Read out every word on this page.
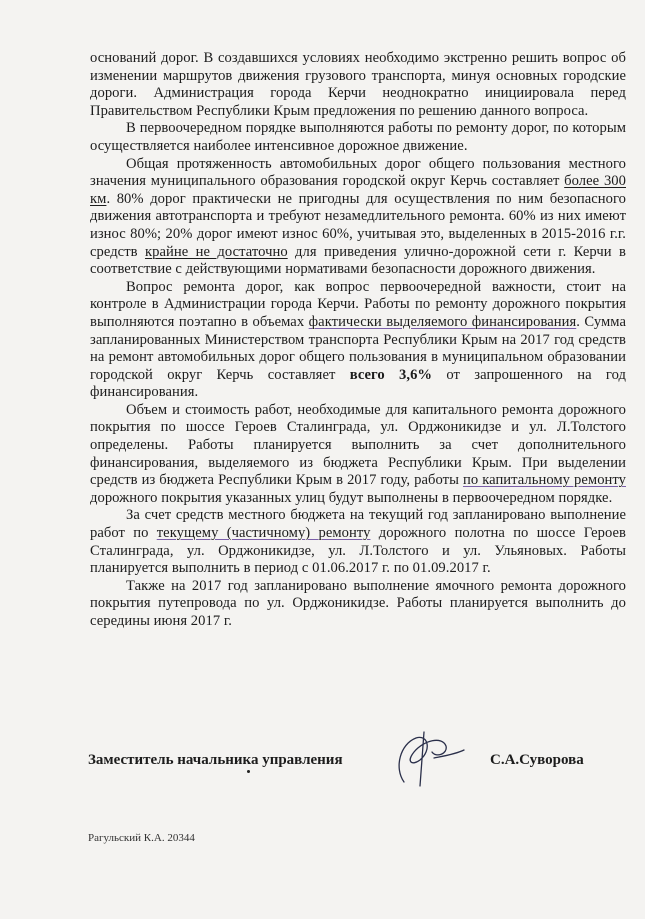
оснований дорог. В создавшихся условиях необходимо экстренно решить вопрос об изменении маршрутов движения грузового транспорта, минуя основных городские дороги. Администрация города Керчи неоднократно инициировала перед Правительством Республики Крым предложения по решению данного вопроса.

В первоочередном порядке выполняются работы по ремонту дорог, по которым осуществляется наиболее интенсивное дорожное движение.

Общая протяженность автомобильных дорог общего пользования местного значения муниципального образования городской округ Керчь составляет более 300 км. 80% дорог практически не пригодны для осуществления по ним безопасного движения автотранспорта и требуют незамедлительного ремонта. 60% из них имеют износ 80%; 20% дорог имеют износ 60%, учитывая это, выделенных в 2015-2016 г.г. средств крайне не достаточно для приведения улично-дорожной сети г. Керчи в соответствие с действующими нормативами безопасности дорожного движения.

Вопрос ремонта дорог, как вопрос первоочередной важности, стоит на контроле в Администрации города Керчи. Работы по ремонту дорожного покрытия выполняются поэтапно в объемах фактически выделяемого финансирования. Сумма запланированных Министерством транспорта Республики Крым на 2017 год средств на ремонт автомобильных дорог общего пользования в муниципальном образовании городской округ Керчь составляет всего 3,6% от запрошенного на год финансирования.

Объем и стоимость работ, необходимые для капитального ремонта дорожного покрытия по шоссе Героев Сталинграда, ул. Орджоникидзе и ул. Л.Толстого определены. Работы планируется выполнить за счет дополнительного финансирования, выделяемого из бюджета Республики Крым. При выделении средств из бюджета Республики Крым в 2017 году, работы по капитальному ремонту дорожного покрытия указанных улиц будут выполнены в первоочередном порядке.

За счет средств местного бюджета на текущий год запланировано выполнение работ по текущему (частичному) ремонту дорожного полотна по шоссе Героев Сталинграда, ул. Орджоникидзе, ул. Л.Толстого и ул. Ульяновых. Работы планируется выполнить в период с 01.06.2017 г. по 01.09.2017 г.

Также на 2017 год запланировано выполнение ямочного ремонта дорожного покрытия путепровода по ул. Орджоникидзе. Работы планируется выполнить до середины июня 2017 г.

Заместитель начальника управления	С.А.Суворова
Рагульский К.А. 20344
